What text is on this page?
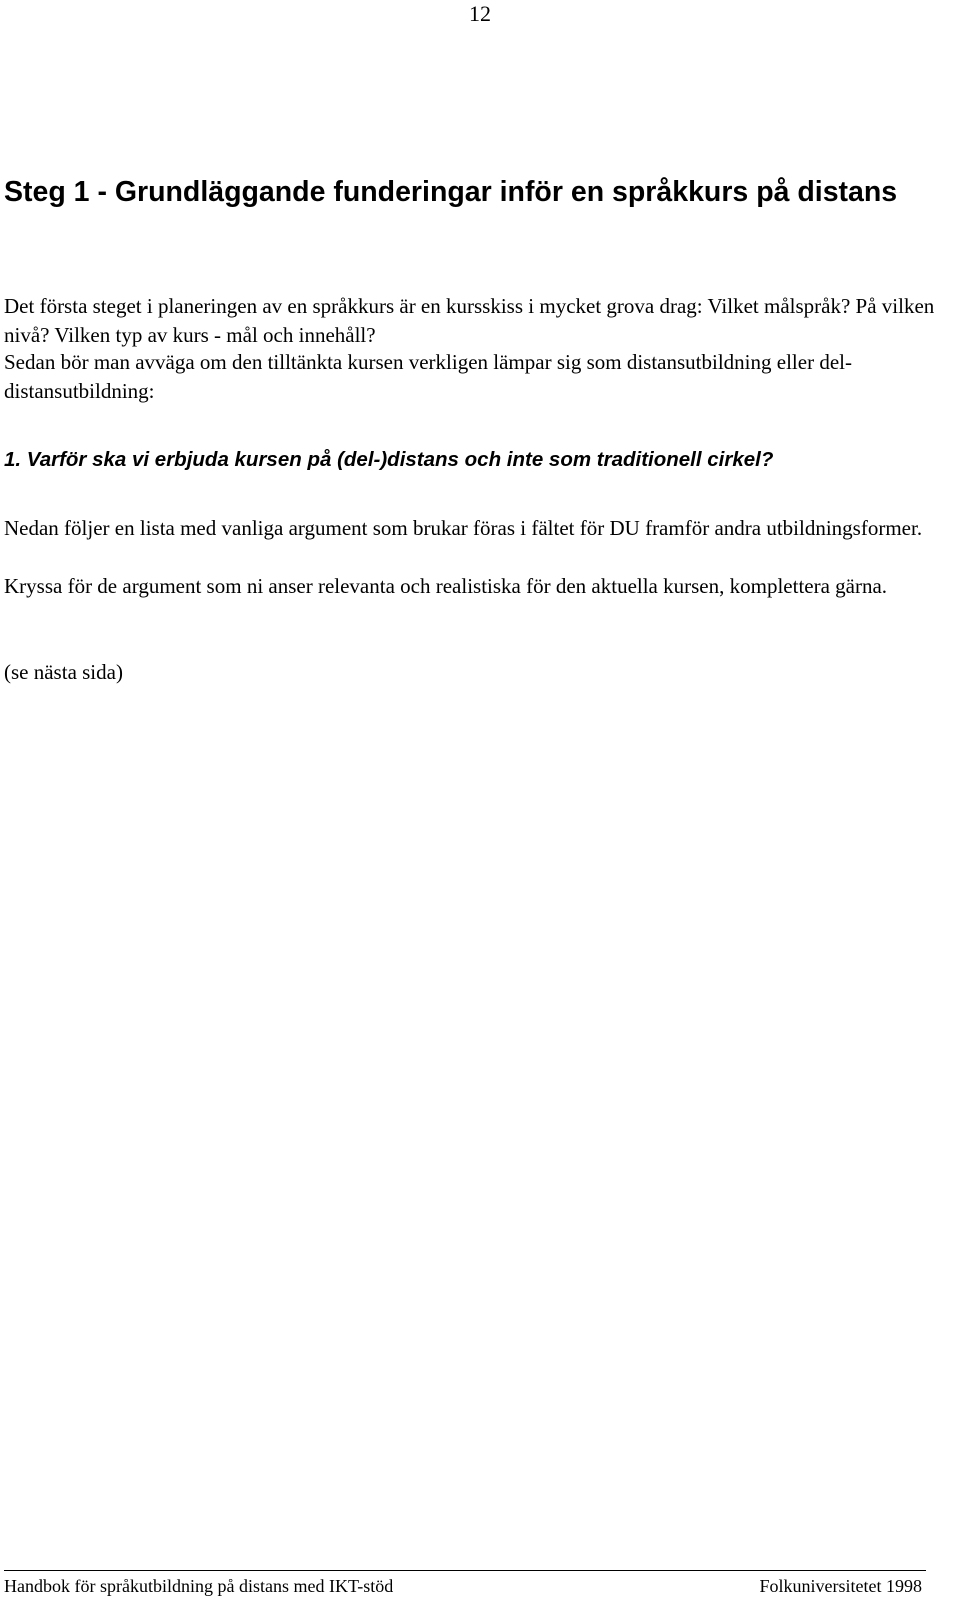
12
Steg 1 - Grundläggande funderingar inför en språkkurs på distans

Det första steget i planeringen av en språkkurs är en kursskiss i mycket grova drag: Vilket målspråk? På vilken nivå? Vilken typ av kurs - mål och innehåll?

Sedan bör man avväga om den tilltänkta kursen verkligen lämpar sig som distansutbildning eller del-distansutbildning:

1. Varför ska vi erbjuda kursen på (del-)distans och inte som traditionell cirkel?

Nedan följer en lista med vanliga argument som brukar föras i fältet för DU framför andra utbildningsformer.

Kryssa för de argument som ni anser relevanta och realistiska för den aktuella kursen, komplettera gärna.

(se nästa sida)

Handbok för språkutbildning på distans med IKT-stöd	Folkuniversitetet 1998
